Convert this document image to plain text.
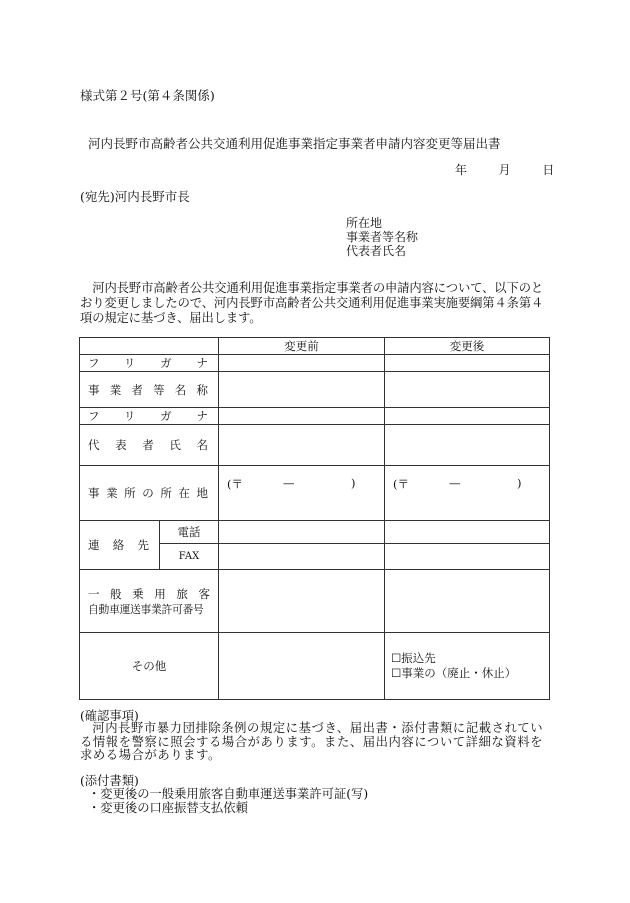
様式第２号(第４条関係)
河内長野市高齢者公共交通利用促進事業指定事業者申請内容変更等届出書
年	月	日
(宛先)河内長野市長
所在地
事業者等名称
代表者氏名
河内長野市高齢者公共交通利用促進事業指定事業者の申請内容について、以下のとおり変更しましたので、河内長野市高齢者公共交通利用促進事業実施要綱第４条第４項の規定に基づき、届出します。
		変更前	変更後
フリガナ			
事業者等名称			
フリガナ			
代表者氏名			
事業所の所在地		(〒 — )	(〒 — )

連絡先	電話		
	FAX		

一般乗用旅客
自動車運送事業許可番号			

その他			☐振込先
☐事業の（廃止・休止）
(確認事項)
河内長野市暴力団排除条例の規定に基づき、届出書・添付書類に記載されている情報を警察に照会する場合があります。また、届出内容について詳細な資料を求める場合があります。
(添付書類)
・変更後の一般乗用旅客自動車運送事業許可証(写)
・変更後の口座振替支払依頼
